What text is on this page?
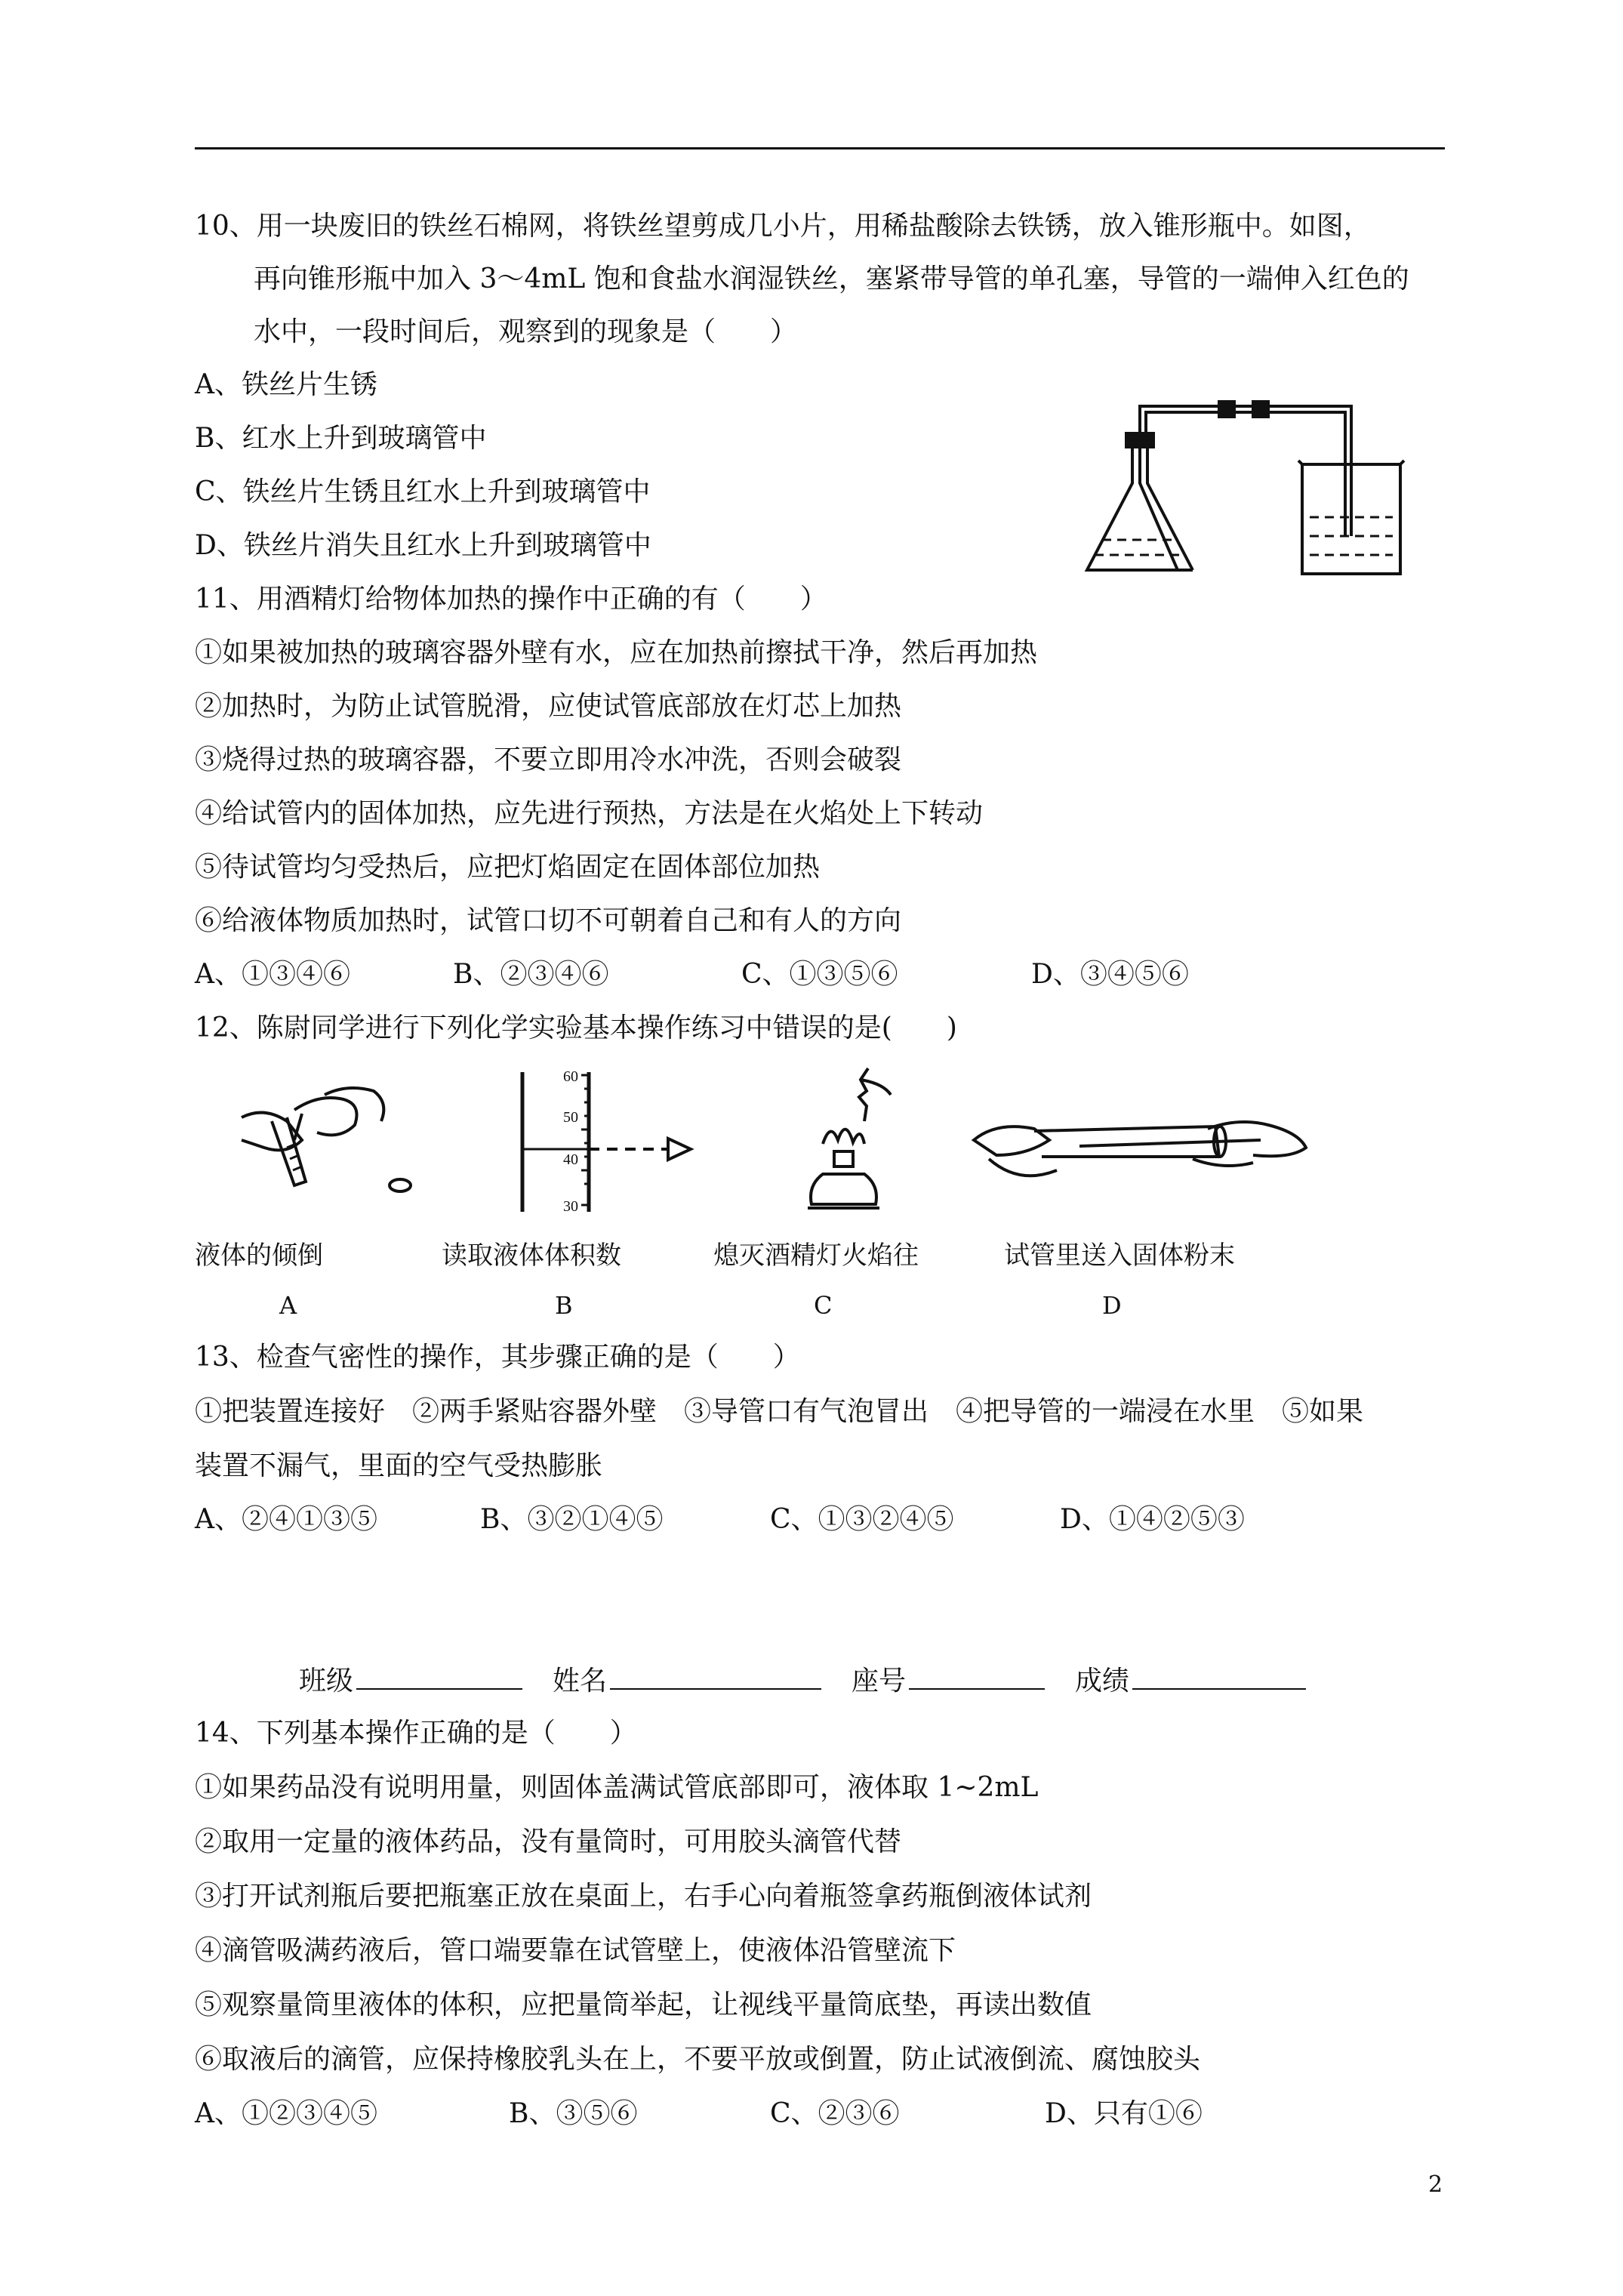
10、用一块废旧的铁丝石棉网，将铁丝望剪成几小片，用稀盐酸除去铁锈，放入锥形瓶中。如图，
再向锥形瓶中加入 3～4mL 饱和食盐水润湿铁丝，塞紧带导管的单孔塞，导管的一端伸入红色的
水中，一段时间后，观察到的现象是（　　）
A、铁丝片生锈
B、红水上升到玻璃管中
C、铁丝片生锈且红水上升到玻璃管中
D、铁丝片消失且红水上升到玻璃管中
11、用酒精灯给物体加热的操作中正确的有（　　）
①如果被加热的玻璃容器外壁有水，应在加热前擦拭干净，然后再加热
②加热时，为防止试管脱滑，应使试管底部放在灯芯上加热
③烧得过热的玻璃容器，不要立即用冷水冲洗，否则会破裂
④给试管内的固体加热，应先进行预热，方法是在火焰处上下转动
⑤待试管均匀受热后，应把灯焰固定在固体部位加热
⑥给液体物质加热时，试管口切不可朝着自己和有人的方向
A、①③④⑥	B、②③④⑥	C、①③⑤⑥	D、③④⑤⑥
12、陈尉同学进行下列化学实验基本操作练习中错误的是(　　)
60
50
40
30
液体的倾倒	读取液体体积数	熄灭酒精灯火焰往	试管里送入固体粉末
A	B	C	D
13、检查气密性的操作，其步骤正确的是（　　）
①把装置连接好　②两手紧贴容器外壁　③导管口有气泡冒出　④把导管的一端浸在水里　⑤如果
装置不漏气，里面的空气受热膨胀
A、②④①③⑤	B、③②①④⑤	C、①③②④⑤	D、①④②⑤③
班级	姓名	座号	成绩
14、下列基本操作正确的是（　　）
①如果药品没有说明用量，则固体盖满试管底部即可，液体取 1~2mL
②取用一定量的液体药品，没有量筒时，可用胶头滴管代替
③打开试剂瓶后要把瓶塞正放在桌面上，右手心向着瓶签拿药瓶倒液体试剂
④滴管吸满药液后，管口端要靠在试管壁上，使液体沿管壁流下
⑤观察量筒里液体的体积，应把量筒举起，让视线平量筒底垫，再读出数值
⑥取液后的滴管，应保持橡胶乳头在上，不要平放或倒置，防止试液倒流、腐蚀胶头
A、①②③④⑤	B、③⑤⑥	C、②③⑥	D、只有①⑥
2
